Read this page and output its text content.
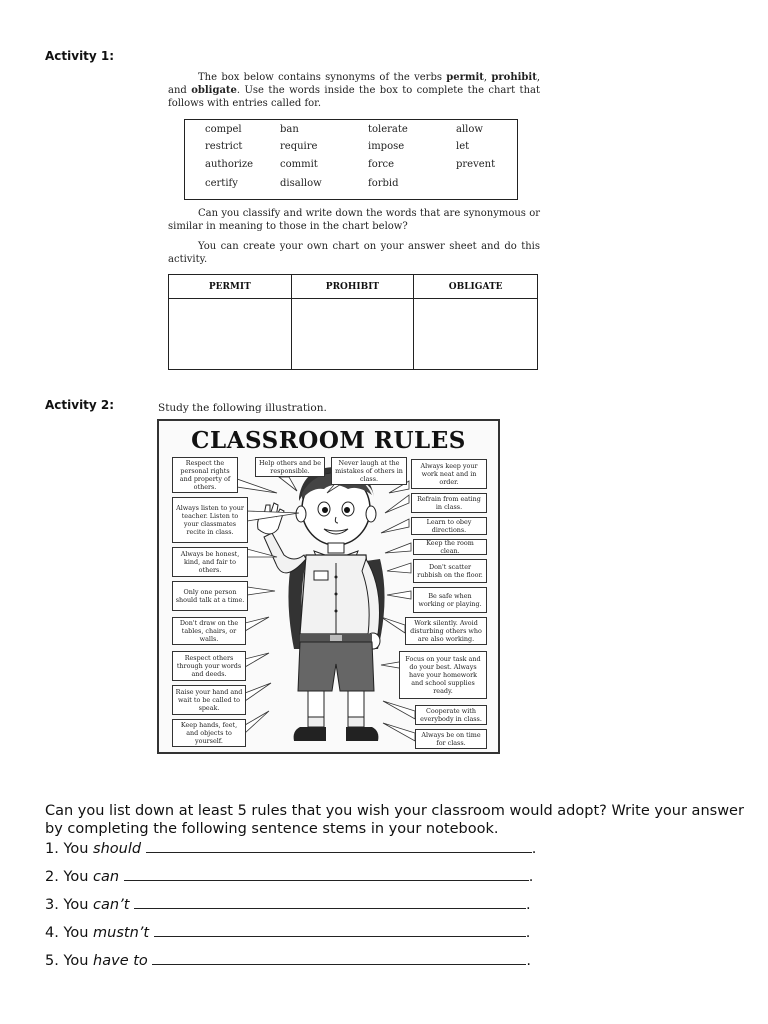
Activity 1:
The box below contains synonyms of the verbs permit, prohibit, and obligate. Use the words inside the box to complete the chart that follows with entries called for.
compel	ban	tolerate	allow
restrict	require	impose	let
authorize	commit	force	prevent
certify	disallow	forbid
Can you classify and write down the words that are synonymous or similar in meaning to those in the chart below?
You can create your own chart on your answer sheet and do this activity.
PERMIT	PROHIBIT	OBLIGATE

Activity 2:	Study the following illustration.
CLASSROOM RULES
Respect the personal rights and property of others.
Help others and be responsible.
Never laugh at the mistakes of others in class.
Always keep your work neat and in order.
Always listen to your teacher. Listen to your classmates recite in class.
Refrain from eating in class.
Learn to obey directions.
Keep the room clean.
Always be honest, kind, and fair to others.	Don't scatter rubbish on the floor.
Only one person should talk at a time.	Be safe when working or playing.
Don't draw on the tables, chairs, or walls.
Work silently. Avoid disturbing others who are also working.
Respect others through your words and deeds.
Focus on your task and do your best. Always have your homework and school supplies ready.
Raise your hand and wait to be called to speak.	Cooperate with everybody in class.
Keep hands, feet, and objects to yourself.
Always be on time for class.
Can you list down at least 5 rules that you wish your classroom would adopt? Write your answer by completing the following sentence stems in your notebook.
1. You should	.
2. You can	.
3. You can’t	.
4. You mustn’t	.
5. You have to	.
